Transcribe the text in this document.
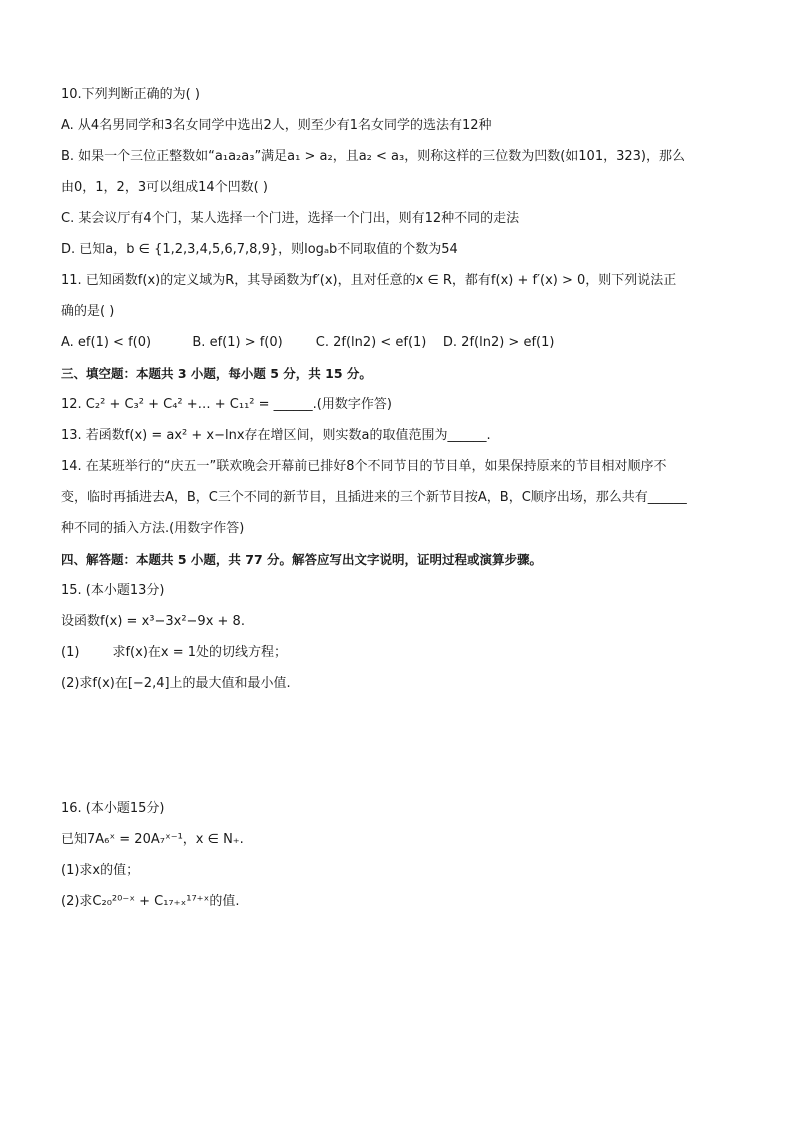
10.下列判断正确的为( )
A. 从4名男同学和3名女同学中选出2人，则至少有1名女同学的选法有12种
B. 如果一个三位正整数如“a₁a₂a₃”满足a₁ > a₂，且a₂ < a₃，则称这样的三位数为凹数(如101，323)，那么
由0，1，2，3可以组成14个凹数( )
C. 某会议厅有4个门，某人选择一个门进，选择一个门出，则有12种不同的走法
D. 已知a，b ∈ {1,2,3,4,5,6,7,8,9}，则logₐb不同取值的个数为54
11. 已知函数f(x)的定义域为R，其导函数为f′(x)，且对任意的x ∈ R，都有f(x) + f′(x) > 0，则下列说法正
确的是( )
A. ef(1) < f(0)          B. ef(1) > f(0)        C. 2f(ln2) < ef(1)    D. 2f(ln2) > ef(1)
三、填空题：本题共 3 小题，每小题 5 分，共 15 分。
12. C₂² + C₃² + C₄² +… + C₁₁² = ______.(用数字作答)
13. 若函数f(x) = ax² + x−lnx存在增区间，则实数a的取值范围为______.
14. 在某班举行的“庆五一”联欢晚会开幕前已排好8个不同节目的节目单，如果保持原来的节目相对顺序不
变，临时再插进去A，B，C三个不同的新节目，且插进来的三个新节目按A，B，C顺序出场，那么共有______
种不同的插入方法.(用数字作答)
四、解答题：本题共 5 小题，共 77 分。解答应写出文字说明，证明过程或演算步骤。
15. (本小题13分)
设函数f(x) = x³−3x²−9x + 8.
(1)        求f(x)在x = 1处的切线方程；
(2)求f(x)在[−2,4]上的最大值和最小值.
16. (本小题15分)
已知7A₆ˣ = 20A₇ˣ⁻¹，x ∈ N₊.
(1)求x的值；
(2)求C₂₀²⁰⁻ˣ + C₁₇₊ₓ¹⁷⁺ˣ的值.
